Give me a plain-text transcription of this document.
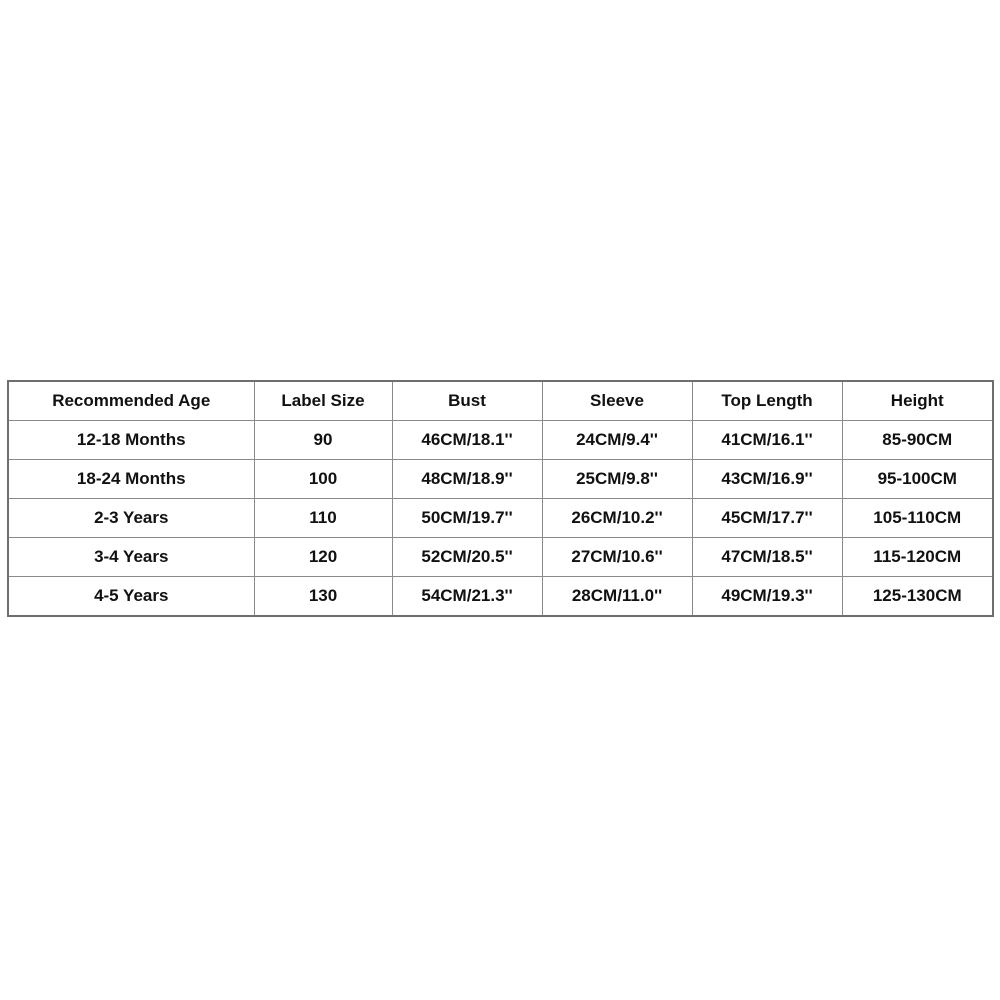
Recommended Age	Label Size	Bust	Sleeve	Top Length	Height
12-18 Months	90	46CM/18.1''	24CM/9.4''	41CM/16.1''	85-90CM
18-24 Months	100	48CM/18.9''	25CM/9.8''	43CM/16.9''	95-100CM
2-3 Years	110	50CM/19.7''	26CM/10.2''	45CM/17.7''	105-110CM
3-4 Years	120	52CM/20.5''	27CM/10.6''	47CM/18.5''	115-120CM
4-5 Years	130	54CM/21.3''	28CM/11.0''	49CM/19.3''	125-130CM
